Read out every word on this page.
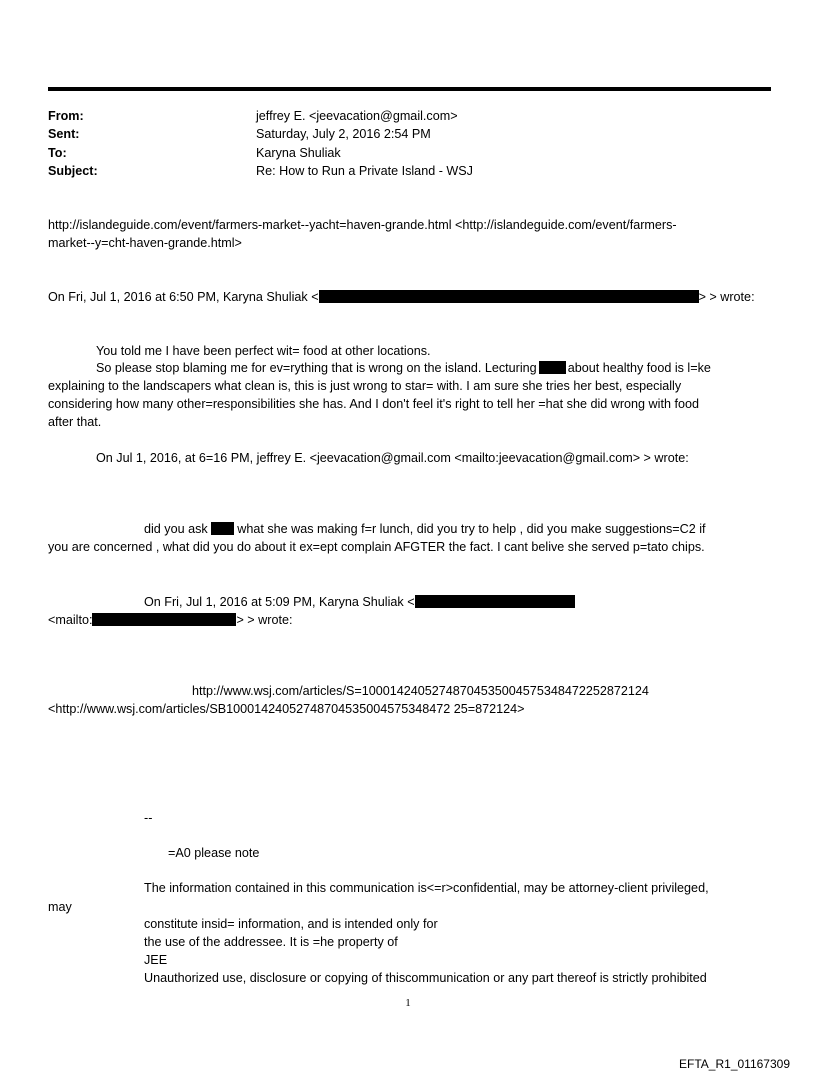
From:	jeffrey E. <jeevacation@gmail.com>
Sent:	Saturday, July 2, 2016 2:54 PM
To:	Karyna Shuliak
Subject:	Re: How to Run a Private Island - WSJ
http://islandeguide.com/event/farmers-market--yacht=haven-grande.html <http://islandeguide.com/event/farmers-
market--y=cht-haven-grande.html>
On Fri, Jul 1, 2016 at 6:50 PM, Karyna Shuliak <	> > wrote:
You told me I have been perfect wit= food at other locations.
So please stop blaming me for ev=rything that is wrong on the island. Lecturing about healthy food is l=ke
explaining to the landscapers what clean is, this is just wrong to star= with. I am sure she tries her best, especially
considering how many other=responsibilities she has. And I don't feel it's right to tell her =hat she did wrong with food
after that.
On Jul 1, 2016, at 6=16 PM, jeffrey E. <jeevacation@gmail.com <mailto:jeevacation@gmail.com> > wrote:
did you ask what she was making f=r lunch, did you try to help , did you make suggestions=C2 if
you are concerned , what did you do about it ex=ept complain AFGTER the fact. I cant belive she served p=tato chips.
On Fri, Jul 1, 2016 at 5:09 PM, Karyna Shuliak <
<mailto:	> > wrote:
http://www.wsj.com/articles/S=10001424052748704535004575348472252872124
<http://www.wsj.com/articles/SB10001424052748704535004575348472 25=872124>
--
=A0 please note
The information contained in this communication is<=r>confidential, may be attorney-client privileged,
may
constitute insid= information, and is intended only for
the use of the addressee. It is =he property of
JEE
Unauthorized use, disclosure or copying of thiscommunication or any part thereof is strictly prohibited
1
EFTA_R1_01167309
